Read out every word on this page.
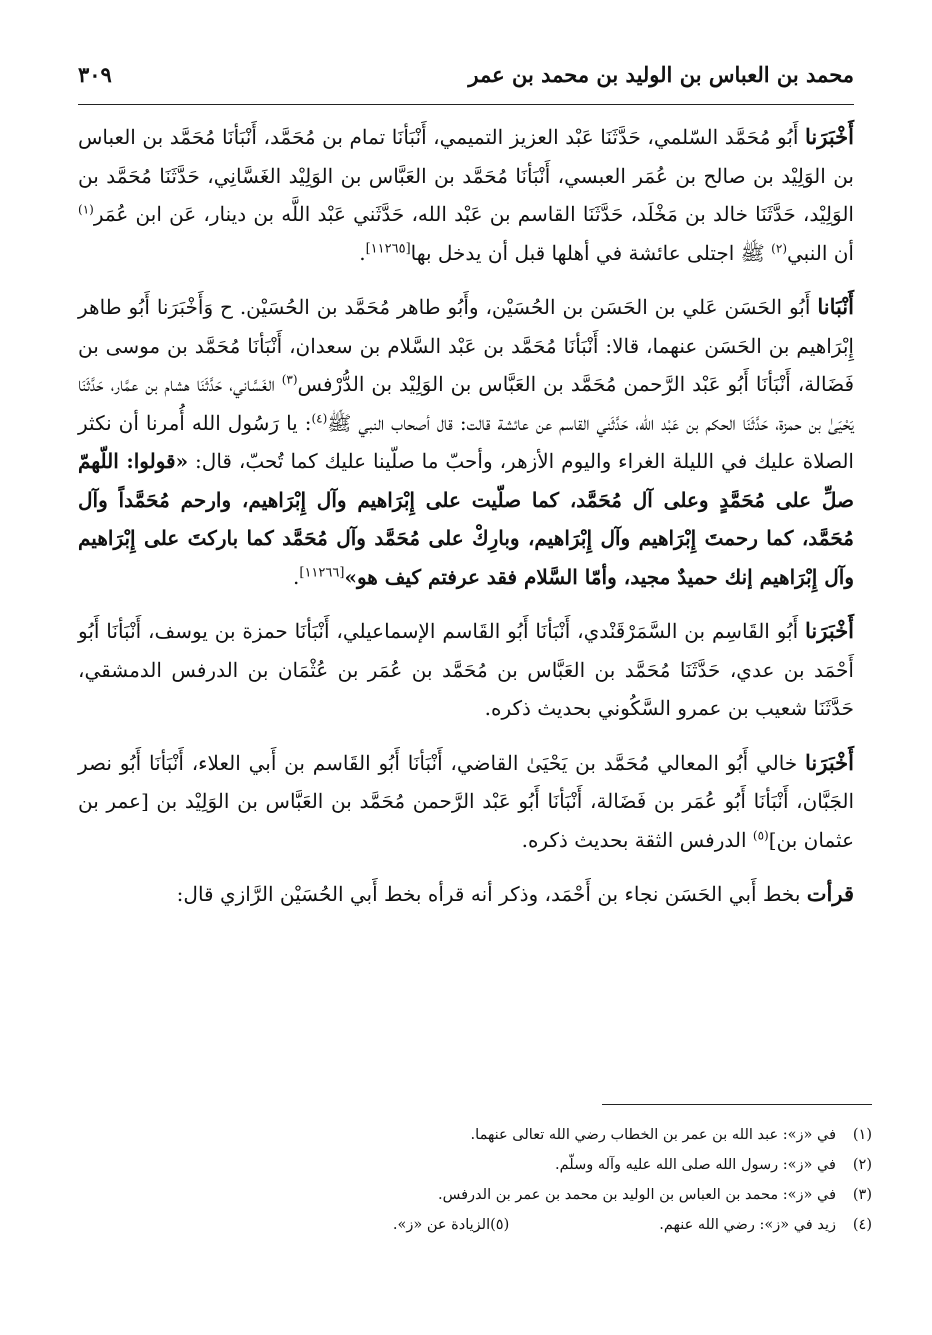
محمد بن العباس بن الوليد بن محمد بن عمر
٣٠٩

أَخْبَرَنا أَبُو مُحَمَّد السّلمي، حَدَّثَنَا عَبْد العزيز التميمي، أَنْبَأنَا تمام بن مُحَمَّد، أَنْبَأنَا مُحَمَّد بن العباس بن الوَلِيْد بن صالح بن عُمَر العبسي، أَنْبَأنَا مُحَمَّد بن العَبَّاس بن الوَلِيْد الغَسَّانِي، حَدَّثَنَا مُحَمَّد بن الوَلِيْد، حَدَّثَنَا خالد بن مَخْلَد، حَدَّثَنَا القاسم بن عَبْد الله، حَدَّثَني عَبْد اللَّه بن دينار، عَن ابن عُمَر$^{(١)}$ أن النبي$^{(٢)}$ ﷺ اجتلى عائشة في أهلها قبل أن يدخل بها[١١٢٦٥].

أَنْبَانا أَبُو الحَسَن عَلي بن الحَسَن بن الحُسَيْن، وأَبُو طاهر مُحَمَّد بن الحُسَيْن. ح وَأَخْبَرَنا أَبُو طاهر إِبْرَاهيم بن الحَسَن عنهما، قالا: أَنْبَأنَا مُحَمَّد بن عَبْد السَّلام بن سعدان، أَنْبَأنَا مُحَمَّد بن موسى بن فَضَالة، أَنْبَأنَا أَبُو عَبْد الرَّحمن مُحَمَّد بن العَبَّاس بن الوَلِيْد بن الدُّرْفس$^{(٣)}$ الغَسَّاني، حَدَّثَنَا هشام بن عمَّار، حَدَّثَنَا يَحْيَىٰ بن حمزة، حَدَّثَنَا الحكم بن عَبْد الله، حَدَّثَني القاسم عن عائشة قالت: قال أصحاب النبي ﷺ$^{(٤)}$: يا رَسُول الله أُمرنا أن نكثر الصلاة عليك في الليلة الغراء واليوم الأزهر، وأحبّ ما صلّينا عليك كما تُحبّ، قال: «قولوا: اللّهمّ صلِّ على مُحَمَّدٍ وعلى آل مُحَمَّد، كما صلّيت على إِبْرَاهيم وآل إِبْرَاهيم، وارحم مُحَمَّداً وآل مُحَمَّد، كما رحمتَ إِبْرَاهيم وآل إِبْرَاهيم، وبارِكْ على مُحَمَّد وآل مُحَمَّد كما باركتَ على إِبْرَاهيم وآل إِبْرَاهيم إنك حميدٌ مجيد، وأمّا السَّلام فقد عرفتم كيف هو»[١١٢٦٦].

أَخْبَرَنا أَبُو القَاسِم بن السَّمَرْقَنْدي، أَنْبَأنَا أَبُو القَاسم الإسماعيلي، أَنْبَأنَا حمزة بن يوسف، أَنْبَأنَا أَبُو أَحْمَد بن عدي، حَدَّثَنَا مُحَمَّد بن العَبَّاس بن مُحَمَّد بن عُمَر بن عُثْمَان بن الدرفس الدمشقي، حَدَّثَنَا شعيب بن عمرو السَّكُوني بحديث ذكره.

أَخْبَرَنا خالي أَبُو المعالي مُحَمَّد بن يَحْيَىٰ القاضي، أَنْبَأنَا أَبُو القَاسم بن أَبي العلاء، أَنْبَأنَا أَبُو نصر الجَبَّان، أَنْبَأنَا أَبُو عُمَر بن فَضَالة، أَنْبَأنَا أَبُو عَبْد الرَّحمن مُحَمَّد بن العَبَّاس بن الوَلِيْد بن [عمر بن عثمان بن]$^{(٥)}$ الدرفس الثقة بحديث ذكره.

قرأت بخط أَبي الحَسَن نجاء بن أَحْمَد، وذكر أنه قرأه بخط أَبي الحُسَيْن الرَّازي قال:

(١)
في «ز»: عبد الله بن عمر بن الخطاب رضي الله تعالى عنهما.
(٢)
في «ز»: رسول الله صلى الله عليه وآله وسلّم.
(٣)
في «ز»: محمد بن العباس بن الوليد بن محمد بن عمر بن الدرفس.
(٤)
زيد في «ز»: رضي الله عنهم.
(٥)
الزيادة عن «ز».
